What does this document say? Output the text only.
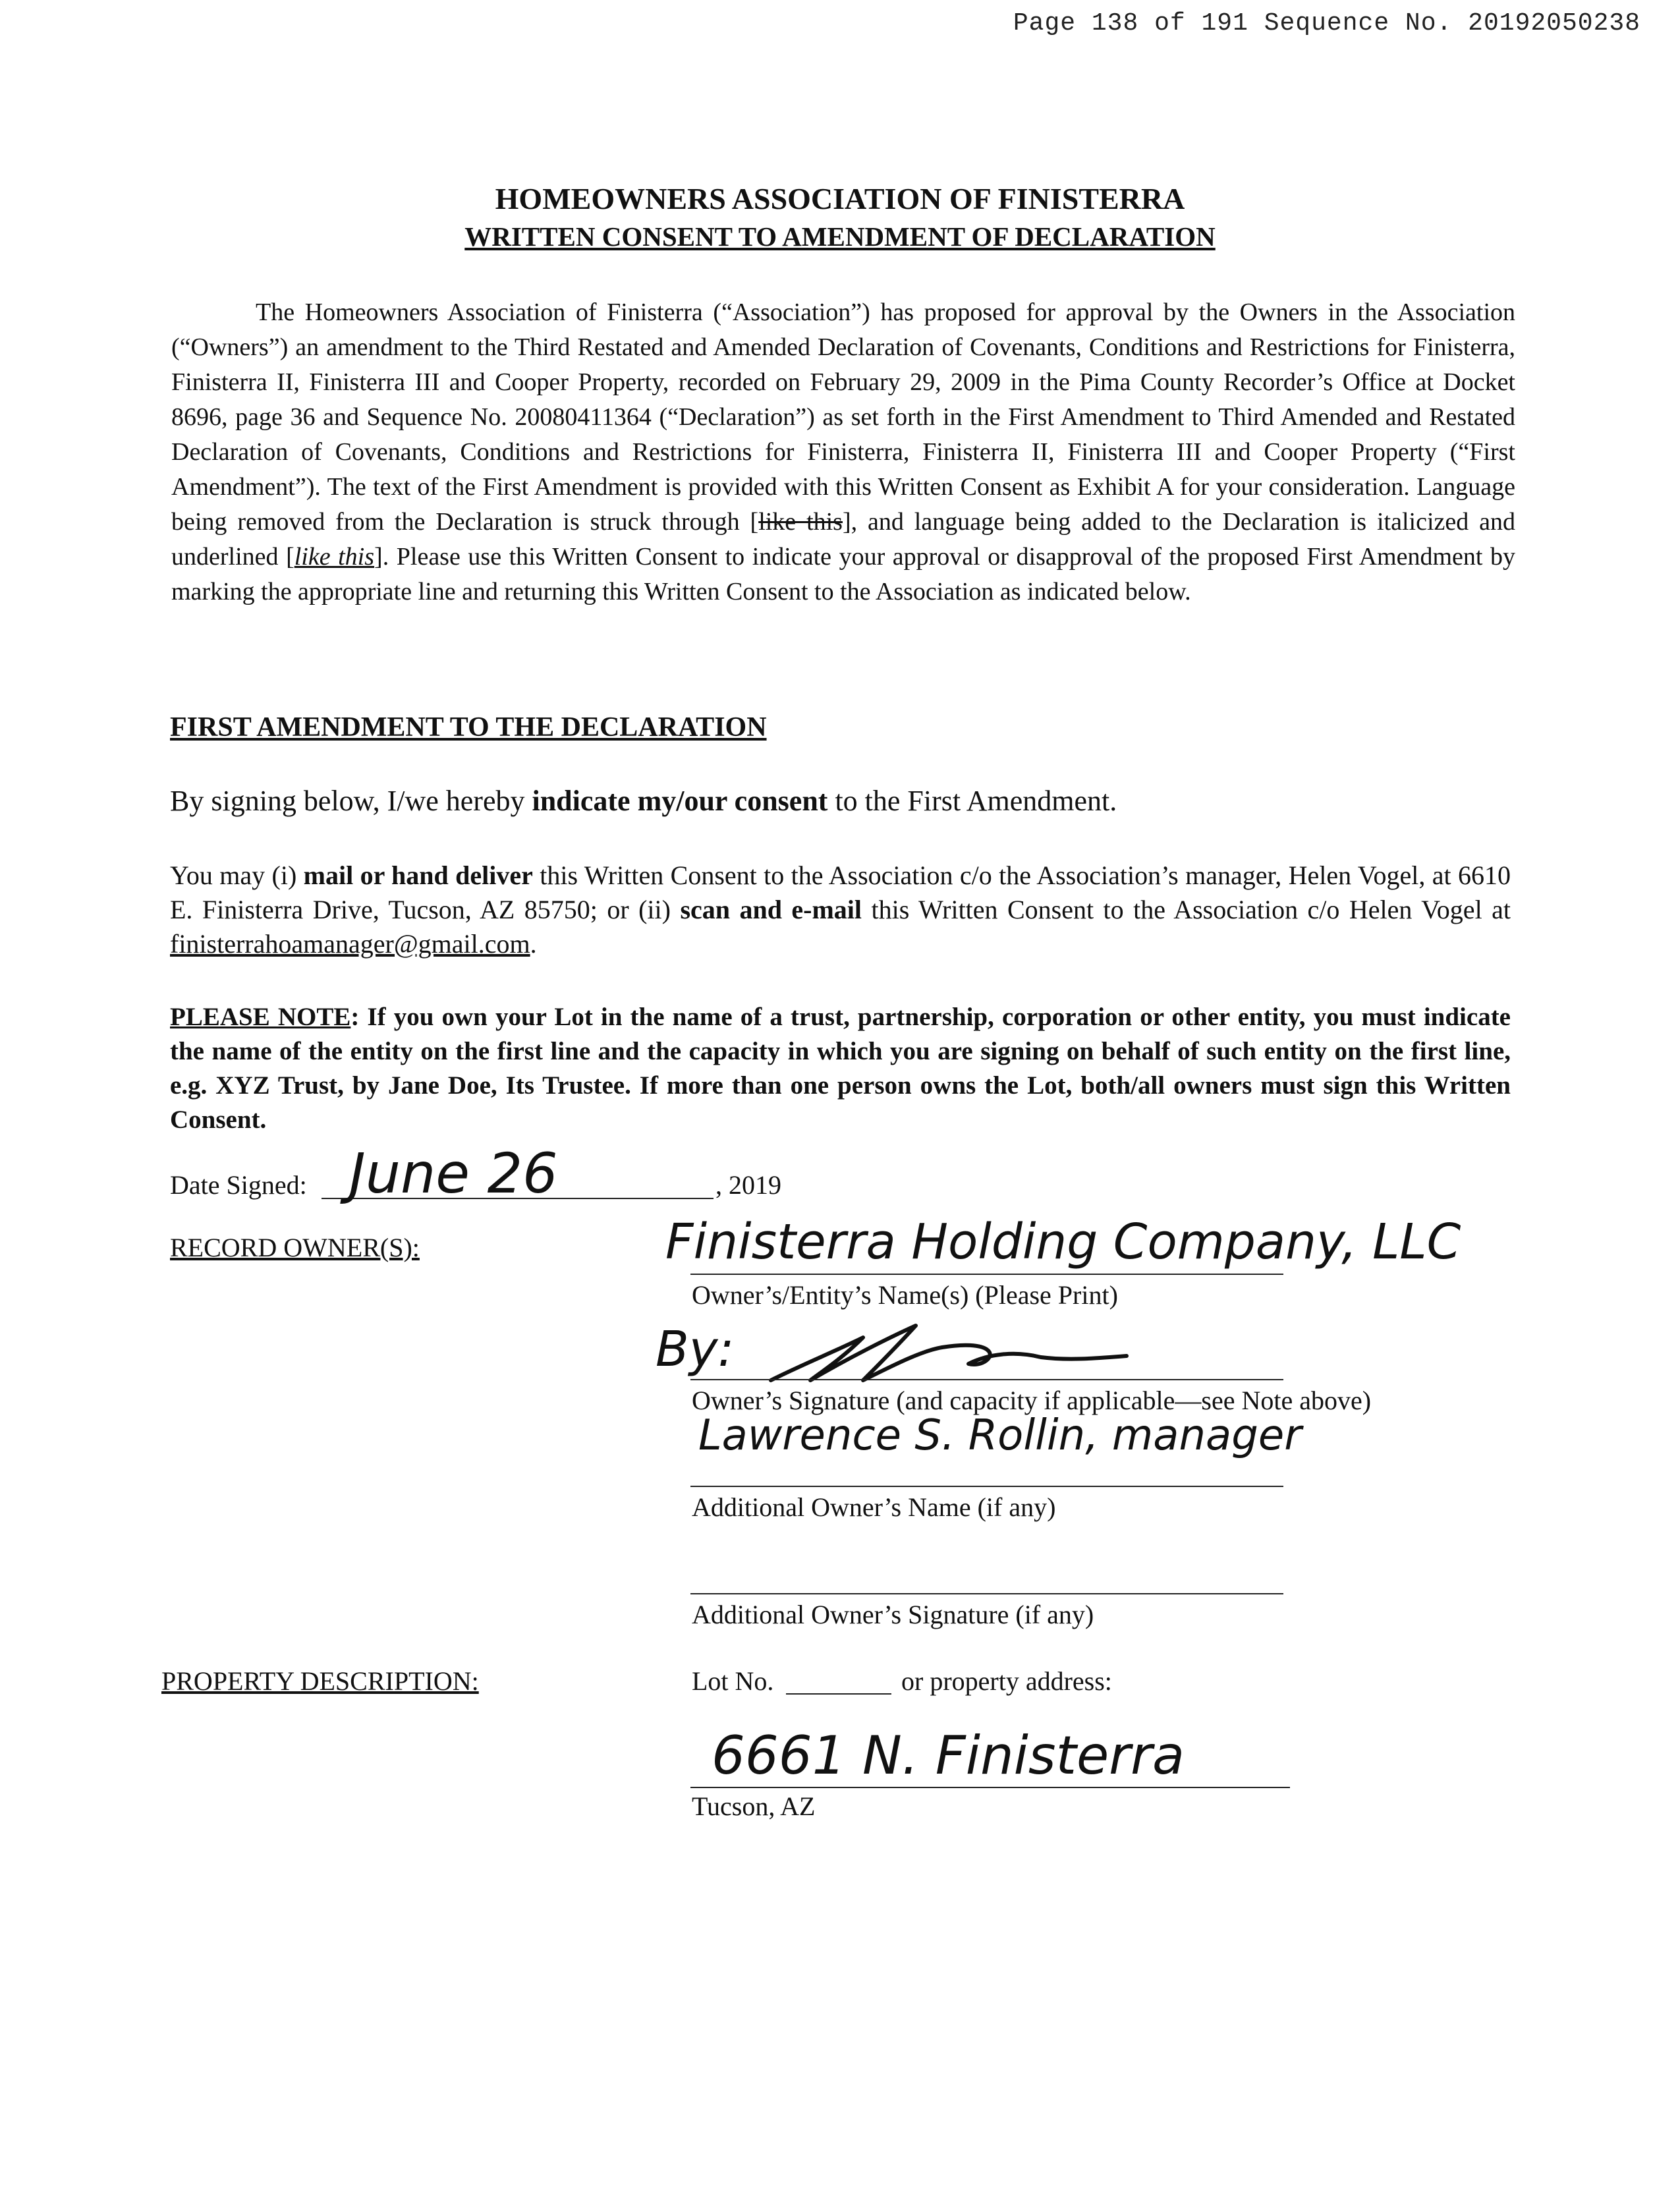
Page 138 of 191 Sequence No. 20192050238
HOMEOWNERS ASSOCIATION OF FINISTERRA
WRITTEN CONSENT TO AMENDMENT OF DECLARATION
The Homeowners Association of Finisterra (“Association”) has proposed for approval by the Owners in the Association (“Owners”) an amendment to the Third Restated and Amended Declaration of Covenants, Conditions and Restrictions for Finisterra, Finisterra II, Finisterra III and Cooper Property, recorded on February 29, 2009 in the Pima County Recorder’s Office at Docket 8696, page 36 and Sequence No. 20080411364 (“Declaration”) as set forth in the First Amendment to Third Amended and Restated Declaration of Covenants, Conditions and Restrictions for Finisterra, Finisterra II, Finisterra III and Cooper Property (“First Amendment”). The text of the First Amendment is provided with this Written Consent as Exhibit A for your consideration. Language being removed from the Declaration is struck through [like this], and language being added to the Declaration is italicized and underlined [like this]. Please use this Written Consent to indicate your approval or disapproval of the proposed First Amendment by marking the appropriate line and returning this Written Consent to the Association as indicated below.
FIRST AMENDMENT TO THE DECLARATION
By signing below, I/we hereby indicate my/our consent to the First Amendment.
You may (i) mail or hand deliver this Written Consent to the Association c/o the Association’s manager, Helen Vogel, at 6610 E. Finisterra Drive, Tucson, AZ 85750; or (ii) scan and e-mail this Written Consent to the Association c/o Helen Vogel at finisterrahoamanager@gmail.com.
PLEASE NOTE: If you own your Lot in the name of a trust, partnership, corporation or other entity, you must indicate the name of the entity on the first line and the capacity in which you are signing on behalf of such entity on the first line, e.g. XYZ Trust, by Jane Doe, Its Trustee. If more than one person owns the Lot, both/all owners must sign this Written Consent.
Date Signed: June 26	, 2019
RECORD OWNER(S):	Finisterra Holding Company, LLC
Owner’s/Entity’s Name(s) (Please Print)
By:
Owner’s Signature (and capacity if applicable—see Note above)
Lawrence S. Rollin, manager
Additional Owner’s Name (if any)
Additional Owner’s Signature (if any)
PROPERTY DESCRIPTION:	Lot No.	or property address:
6661 N. Finisterra
Tucson, AZ
